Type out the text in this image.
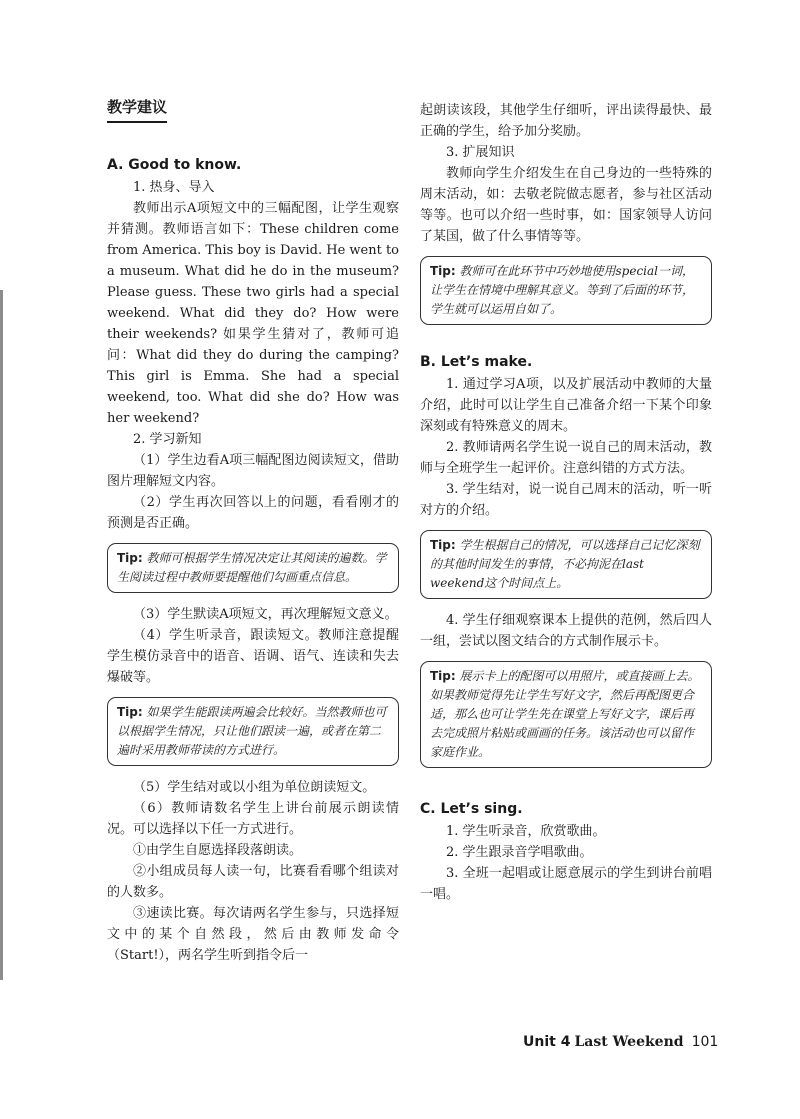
教学建议
A. Good to know.

1. 热身、导入

教师出示A项短文中的三幅配图，让学生观察并猜测。教师语言如下：These children come from America. This boy is David. He went to a museum. What did he do in the museum? Please guess. These two girls had a special weekend. What did they do? How were their weekends? 如果学生猜对了，教师可追问：What did they do during the camping? This girl is Emma. She had a special weekend, too. What did she do? How was her weekend?

2. 学习新知

（1）学生边看A项三幅配图边阅读短文，借助图片理解短文内容。

（2）学生再次回答以上的问题，看看刚才的预测是否正确。

Tip: 教师可根据学生情况决定让其阅读的遍数。学生阅读过程中教师要提醒他们勾画重点信息。

（3）学生默读A项短文，再次理解短文意义。

（4）学生听录音，跟读短文。教师注意提醒学生模仿录音中的语音、语调、语气、连读和失去爆破等。

Tip: 如果学生能跟读两遍会比较好。当然教师也可以根据学生情况，只让他们跟读一遍，或者在第二遍时采用教师带读的方式进行。

（5）学生结对或以小组为单位朗读短文。

（6）教师请数名学生上讲台前展示朗读情况。可以选择以下任一方式进行。

①由学生自愿选择段落朗读。

②小组成员每人读一句，比赛看看哪个组读对的人数多。

③速读比赛。每次请两名学生参与，只选择短文中的某个自然段，然后由教师发命令（Start!），两名学生听到指令后一

起朗读该段，其他学生仔细听，评出读得最快、最正确的学生，给予加分奖励。

3. 扩展知识

教师向学生介绍发生在自己身边的一些特殊的周末活动，如：去敬老院做志愿者，参与社区活动等等。也可以介绍一些时事，如：国家领导人访问了某国，做了什么事情等等。

Tip: 教师可在此环节中巧妙地使用special一词，让学生在情境中理解其意义。等到了后面的环节，学生就可以运用自如了。
B. Let’s make.

1. 通过学习A项，以及扩展活动中教师的大量介绍，此时可以让学生自己准备介绍一下某个印象深刻或有特殊意义的周末。

2. 教师请两名学生说一说自己的周末活动，教师与全班学生一起评价。注意纠错的方式方法。

3. 学生结对，说一说自己周末的活动，听一听对方的介绍。

Tip: 学生根据自己的情况，可以选择自己记忆深刻的其他时间发生的事情，不必拘泥在last weekend这个时间点上。

4. 学生仔细观察课本上提供的范例，然后四人一组，尝试以图文结合的方式制作展示卡。

Tip: 展示卡上的配图可以用照片，或直接画上去。如果教师觉得先让学生写好文字，然后再配图更合适，那么也可让学生先在课堂上写好文字，课后再去完成照片粘贴或画画的任务。该活动也可以留作家庭作业。
C. Let’s sing.

1. 学生听录音，欣赏歌曲。

2. 学生跟录音学唱歌曲。

3. 全班一起唱或让愿意展示的学生到讲台前唱一唱。

Unit 4 Last Weekend 101
